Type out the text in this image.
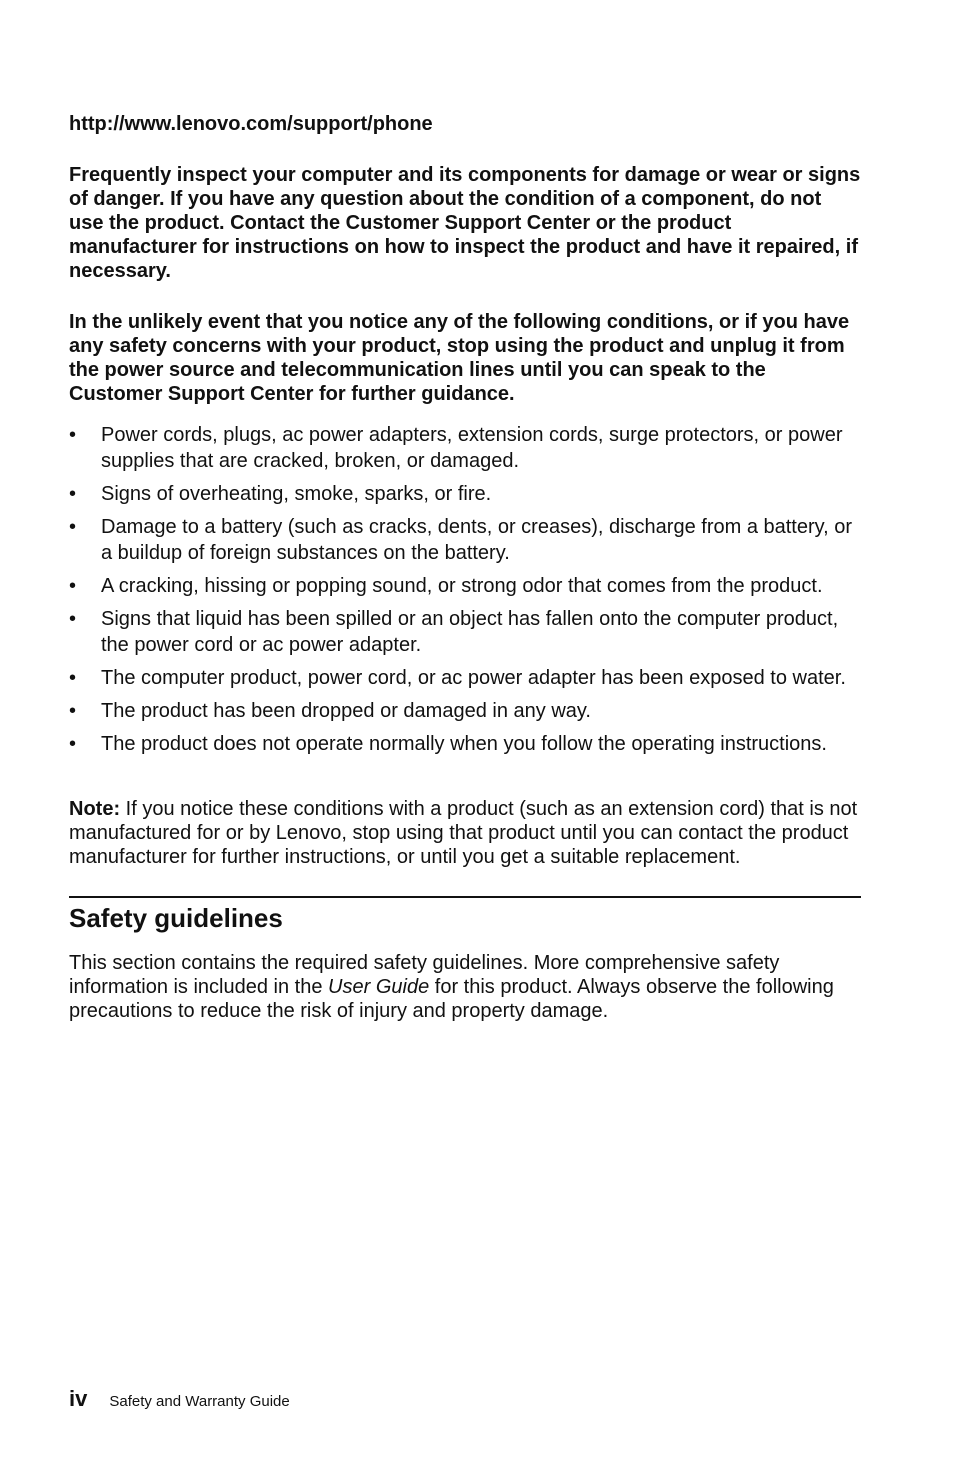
http://www.lenovo.com/support/phone

Frequently inspect your computer and its components for damage or wear or signs of danger. If you have any question about the condition of a component, do not use the product. Contact the Customer Support Center or the product manufacturer for instructions on how to inspect the product and have it repaired, if necessary.

In the unlikely event that you notice any of the following conditions, or if you have any safety concerns with your product, stop using the product and unplug it from the power source and telecommunication lines until you can speak to the Customer Support Center for further guidance.

• Power cords, plugs, ac power adapters, extension cords, surge protectors, or power supplies that are cracked, broken, or damaged.
• Signs of overheating, smoke, sparks, or fire.
• Damage to a battery (such as cracks, dents, or creases), discharge from a battery, or a buildup of foreign substances on the battery.
• A cracking, hissing or popping sound, or strong odor that comes from the product.
• Signs that liquid has been spilled or an object has fallen onto the computer product, the power cord or ac power adapter.
• The computer product, power cord, or ac power adapter has been exposed to water.
• The product has been dropped or damaged in any way.
• The product does not operate normally when you follow the operating instructions.

Note: If you notice these conditions with a product (such as an extension cord) that is not manufactured for or by Lenovo, stop using that product until you can contact the product manufacturer for further instructions, or until you get a suitable replacement.

Safety guidelines

This section contains the required safety guidelines. More comprehensive safety information is included in the User Guide for this product. Always observe the following precautions to reduce the risk of injury and property damage.

iv Safety and Warranty Guide
